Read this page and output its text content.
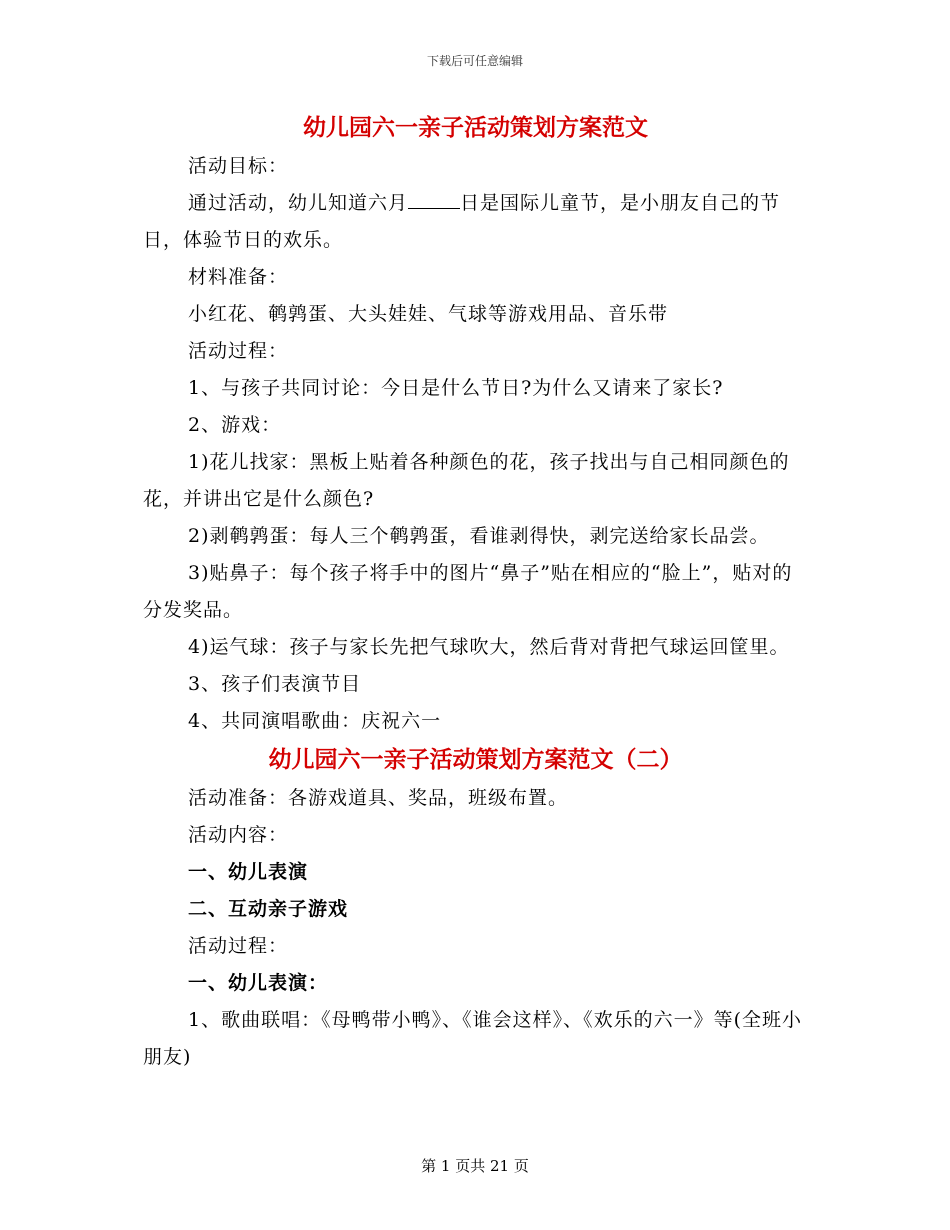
下载后可任意编辑
幼儿园六一亲子活动策划方案范文
活动目标：
通过活动，幼儿知道六月	日是国际儿童节，是小朋友自己的节日，体验节日的欢乐。
材料准备：
小红花、鹌鹑蛋、大头娃娃、气球等游戏用品、音乐带
活动过程：
1、与孩子共同讨论：今日是什么节日?为什么又请来了家长?
2、游戏：
1)花儿找家：黑板上贴着各种颜色的花，孩子找出与自己相同颜色的花，并讲出它是什么颜色?
2)剥鹌鹑蛋：每人三个鹌鹑蛋，看谁剥得快，剥完送给家长品尝。
3)贴鼻子：每个孩子将手中的图片“鼻子”贴在相应的“脸上”，贴对的分发奖品。
4)运气球：孩子与家长先把气球吹大，然后背对背把气球运回筐里。
3、孩子们表演节目
4、共同演唱歌曲：庆祝六一
幼儿园六一亲子活动策划方案范文（二）
活动准备：各游戏道具、奖品，班级布置。
活动内容：
一、幼儿表演
二、互动亲子游戏
活动过程：
一、幼儿表演：
1、歌曲联唱：《母鸭带小鸭》、《谁会这样》、《欢乐的六一》等(全班小朋友)
第 1 页共 21 页
